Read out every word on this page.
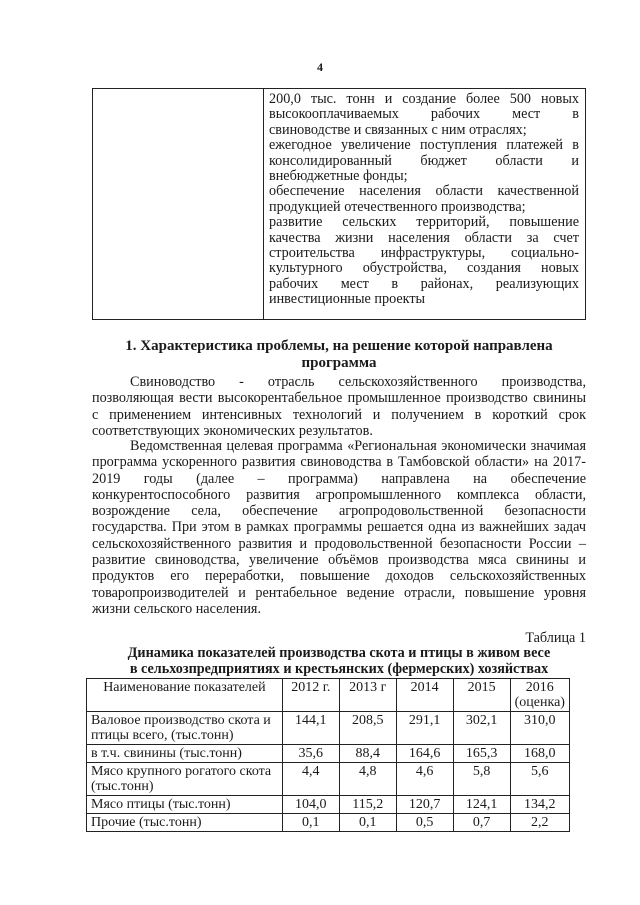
4

200,0 тыс. тонн и создание более 500 новых

высокооплачиваемых рабочих мест в

свиноводстве и связанных с ним отраслях;

ежегодное увеличение поступления платежей в

консолидированный бюджет области и

внебюджетные фонды;

обеспечение населения области качественной

продукцией отечественного производства;

развитие сельских территорий, повышение

качества жизни населения области за счет

строительства инфраструктуры, социально-

культурного обустройства, создания новых

рабочих мест в районах, реализующих

инвестиционные проекты

1. Характеристика проблемы, на решение которой направлена программа

Свиноводство - отрасль сельскохозяйственного производства, позволяющая вести высокорентабельное промышленное производство свинины с применением интенсивных технологий и получением в короткий срок соответствующих экономических результатов.

Ведомственная целевая программа «Региональная экономически значимая программа ускоренного развития свиноводства в Тамбовской области» на 2017-2019 годы (далее – программа) направлена на обеспечение конкурентоспособного развития агропромышленного комплекса области, возрождение села, обеспечение агропродовольственной безопасности государства. При этом в рамках программы решается одна из важнейших задач сельскохозяйственного развития и продовольственной безопасности России – развитие свиноводства, увеличение объёмов производства мяса свинины и продуктов его переработки, повышение доходов сельскохозяйственных товаропроизводителей и рентабельное ведение отрасли, повышение уровня жизни сельского населения.

Таблица 1
Динамика показателей производства скота и птицы в живом весе
в сельхозпредприятиях и крестьянских (фермерских) хозяйствах
Наименование показателей	2012 г.	2013 г	2014	2015	2016 (оценка)
Валовое производство скота и птицы всего, (тыс.тонн)	144,1	208,5	291,1	302,1	310,0
в т.ч. свинины (тыс.тонн)	35,6	88,4	164,6	165,3	168,0
Мясо крупного рогатого скота (тыс.тонн)	4,4	4,8	4,6	5,8	5,6
Мясо птицы (тыс.тонн)	104,0	115,2	120,7	124,1	134,2
Прочие (тыс.тонн)	0,1	0,1	0,5	0,7	2,2
